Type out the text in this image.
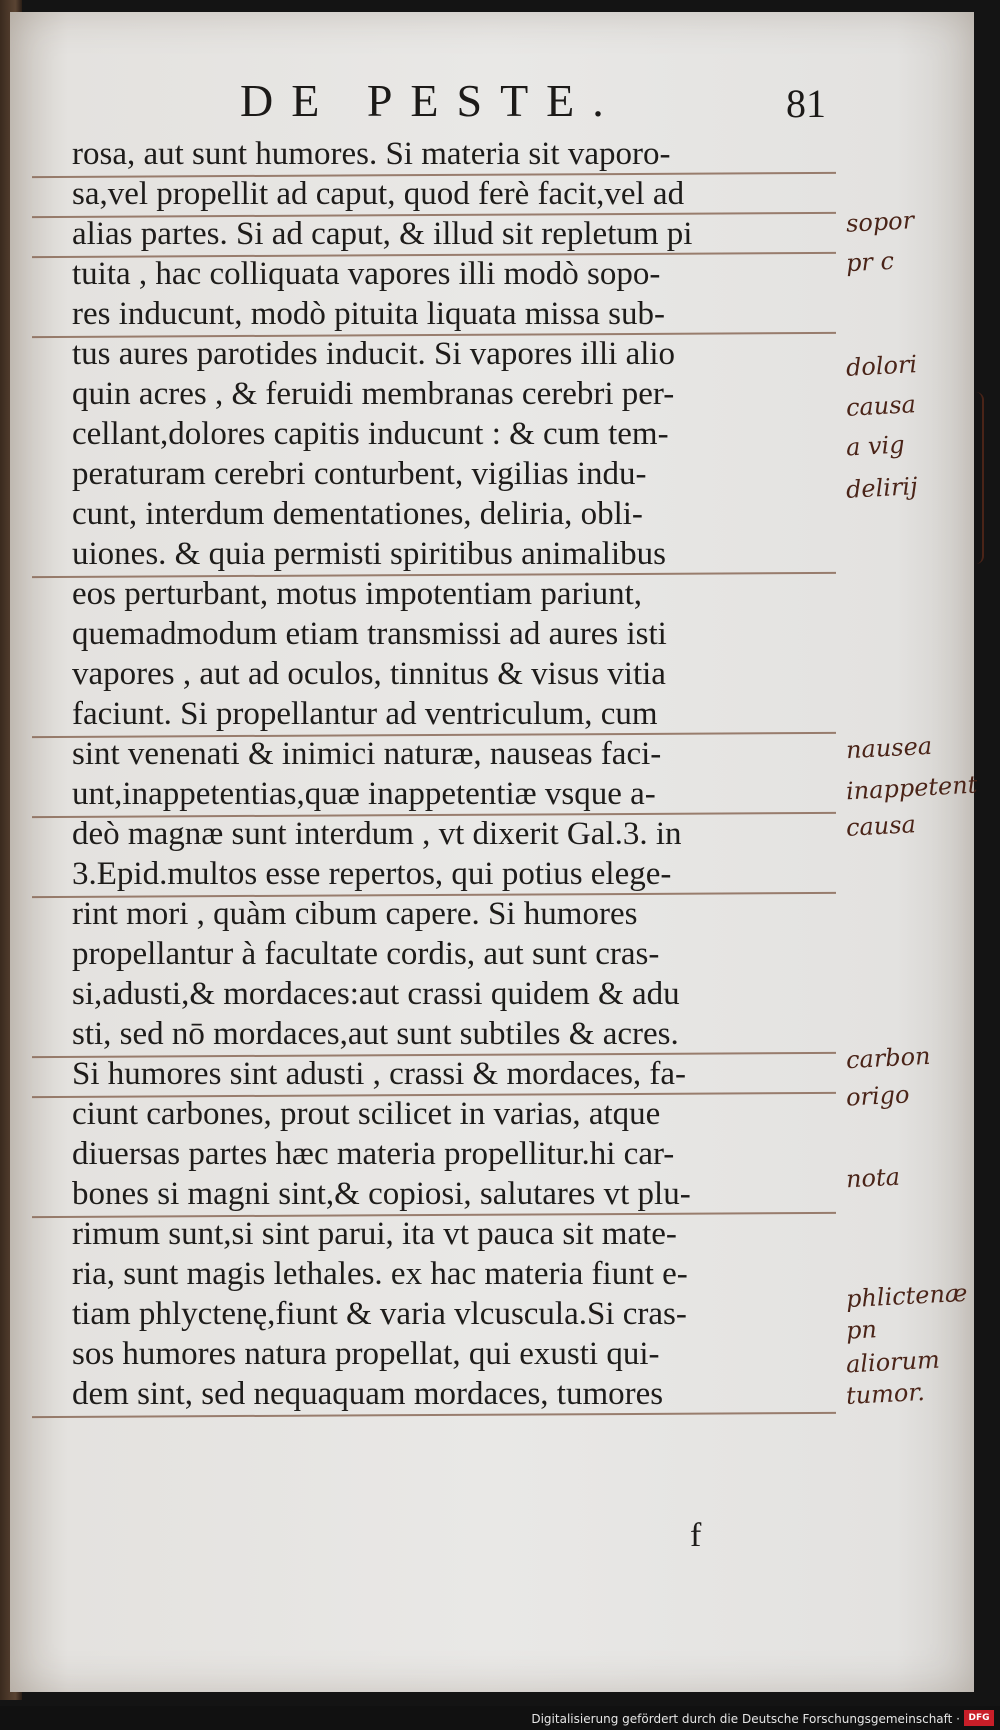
DE PESTE.	81
rosa, aut sunt humores. Si materia sit vaporo-
sa,vel propellit ad caput, quod ferè facit,vel ad
alias partes. Si ad caput, & illud sit repletum pi
tuita , hac colliquata vapores illi modò sopo-
res inducunt, modò pituita liquata missa sub-
tus aures parotides inducit. Si vapores illi alio
quin acres , & feruidi membranas cerebri per-
cellant,dolores capitis inducunt : & cum tem-
peraturam cerebri conturbent, vigilias indu-
cunt, interdum dementationes, deliria, obli-
uiones. & quia permisti spiritibus animalibus
eos perturbant, motus impotentiam pariunt,
quemadmodum etiam transmissi ad aures isti
vapores , aut ad oculos, tinnitus & visus vitia
faciunt. Si propellantur ad ventriculum, cum
sint venenati & inimici naturæ, nauseas faci-
unt,inappetentias,quæ inappetentiæ vsque a-
deò magnæ sunt interdum , vt dixerit Gal.3. in
3.Epid.multos esse repertos, qui potius elege-
rint mori , quàm cibum capere. Si humores
propellantur à facultate cordis, aut sunt cras-
si,adusti,& mordaces:aut crassi quidem & adu
sti, sed nō mordaces,aut sunt subtiles & acres.
Si humores sint adusti , crassi & mordaces, fa-
ciunt carbones, prout scilicet in varias, atque
diuersas partes hæc materia propellitur.hi car-
bones si magni sint,& copiosi, salutares vt plu-
rimum sunt,si sint parui, ita vt pauca sit mate-
ria, sunt magis lethales. ex hac materia fiunt e-
tiam phlyctenę,fiunt & varia vlcuscula.Si cras-
sos humores natura propellat, qui exusti qui-
dem sint, sed nequaquam mordaces, tumores
f
sopor
pr c
dolori
causa
a vig
delirij
nausea
inappetent
causa
carbon
origo
nota
phlictenæ
pn
aliorum
tumor.
Digitalisierung gefördert durch die Deutsche Forschungsgemeinschaft · DFG
